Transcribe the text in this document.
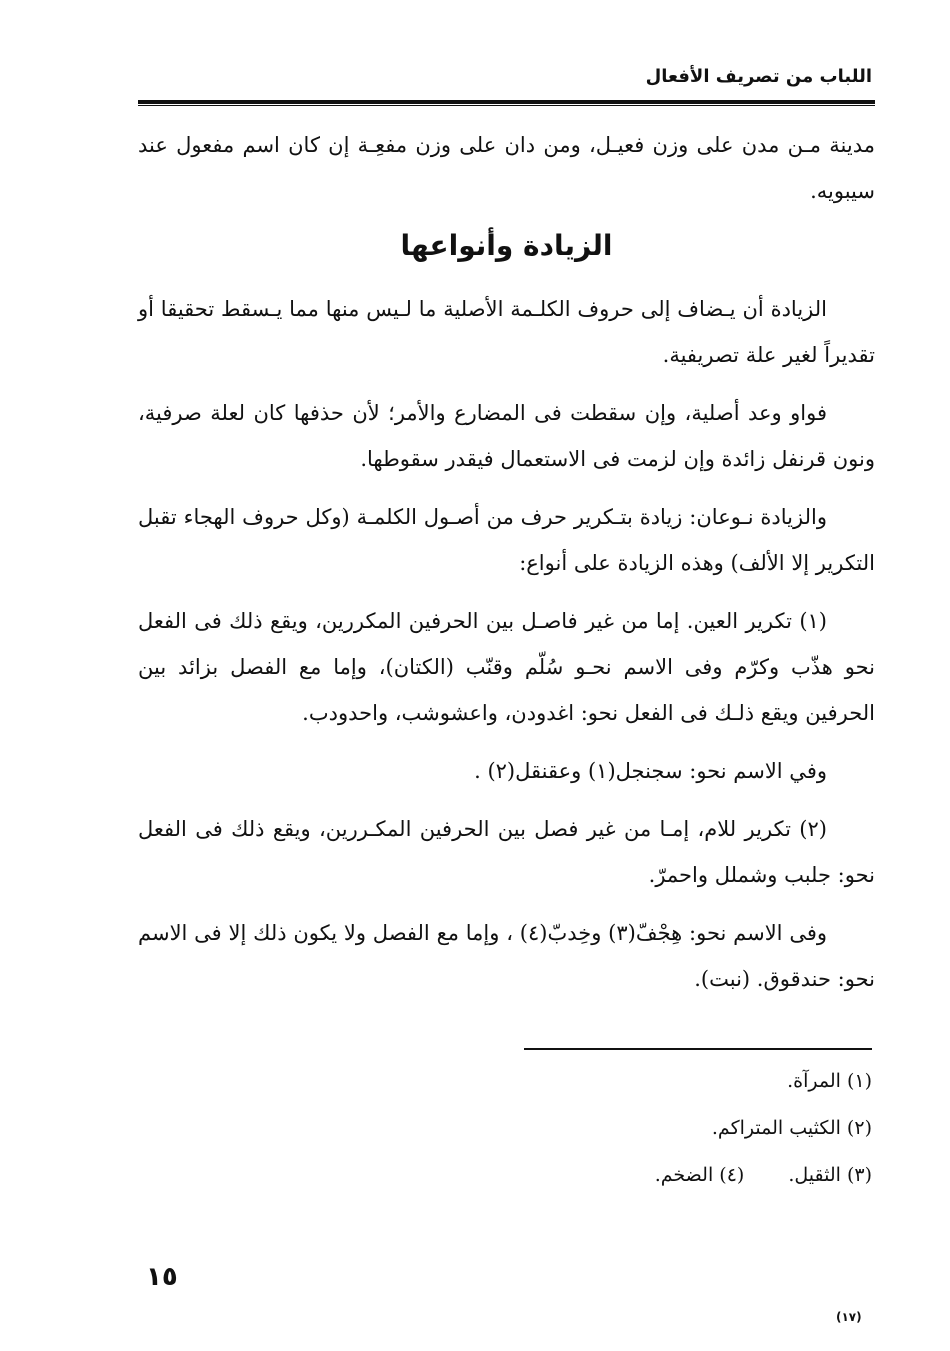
اللباب من تصريف الأفعال

مدينة مـن مدن على وزن فعيـل، ومن دان على وزن مفعِـة إن كان اسم مفعول عند سيبويه.

الزيادة وأنواعها

الزيادة أن يـضاف إلى حروف الكلـمة الأصلية ما لـيس منها مما يـسقط تحقيقا أو تقديراً لغير علة تصريفية.

فواو وعد أصلية، وإن سقطت فى المضارع والأمر؛ لأن حذفها كان لعلة صرفية، ونون قرنفل زائدة وإن لزمت فى الاستعمال فيقدر سقوطها.

والزيادة نـوعان: زيادة بتـكرير حرف من أصـول الكلمـة (وكل حروف الهجاء تقبل التكرير إلا الألف) وهذه الزيادة على أنواع:

(١) تكرير العين. إما من غير فاصـل بين الحرفين المكررين، ويقع ذلك فى الفعل نحو هذّب وكرّم وفى الاسم نحـو سُلّم وقنّب (الكتان)، وإما مع الفصل بزائد بين الحرفين ويقع ذلـك فى الفعل نحو: اغدودن، واعشوشب، واحدودب.

وفي الاسم نحو: سجنجل(١) وعقنقل(٢) .

(٢) تكرير للام، إمـا من غير فصل بين الحرفين المكـررين، ويقع ذلك فى الفعل نحو: جلبب وشملل واحمرّ.

وفى الاسم نحو: هِجْفّ(٣) وخِدبّ(٤) ، وإما مع الفصل ولا يكون ذلك إلا فى الاسم نحو: حندقوق. (نبت).

(١) المرآة.
(٢) الكثيب المتراكم.
(٣) الثقيل.(٤) الضخم.
١٥
(١٧)
